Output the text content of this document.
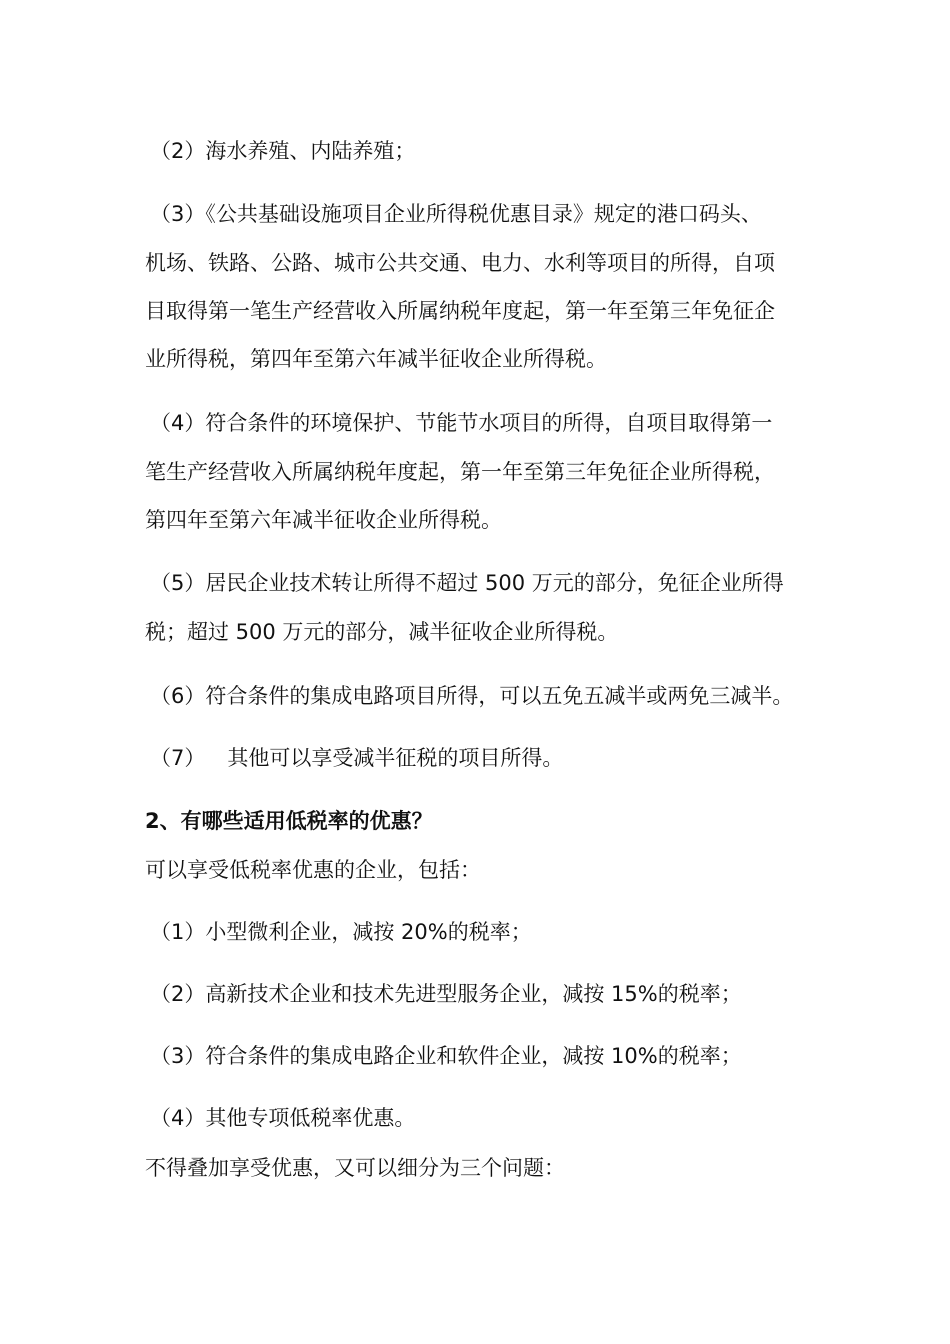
（2）海水养殖、内陆养殖；
（3）《公共基础设施项目企业所得税优惠目录》规定的港口码头、
机场、铁路、公路、城市公共交通、电力、水利等项目的所得，自项
目取得第一笔生产经营收入所属纳税年度起，第一年至第三年免征企
业所得税，第四年至第六年减半征收企业所得税。
（4）符合条件的环境保护、节能节水项目的所得，自项目取得第一
笔生产经营收入所属纳税年度起，第一年至第三年免征企业所得税，
第四年至第六年减半征收企业所得税。
（5）居民企业技术转让所得不超过 500 万元的部分，免征企业所得
税；超过 500 万元的部分，减半征收企业所得税。
（6）符合条件的集成电路项目所得，可以五免五减半或两免三减半。
（7） 其他可以享受减半征税的项目所得。
2、有哪些适用低税率的优惠？
可以享受低税率优惠的企业，包括：
（1）小型微利企业，减按 20%的税率；
（2）高新技术企业和技术先进型服务企业，减按 15%的税率；
（3）符合条件的集成电路企业和软件企业，减按 10%的税率；
（4）其他专项低税率优惠。
不得叠加享受优惠，又可以细分为三个问题：
